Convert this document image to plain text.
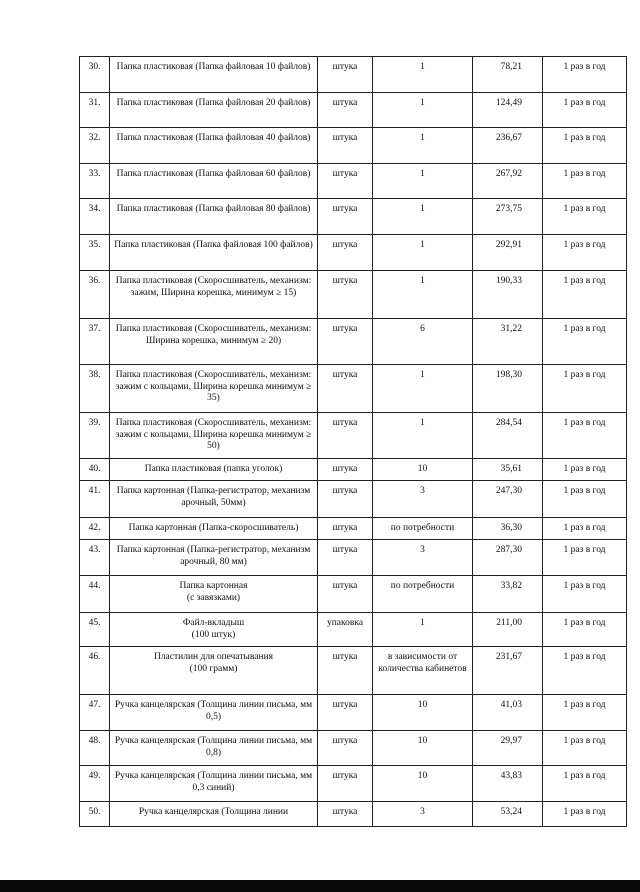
30.	Папка пластиковая (Папка файловая 10 файлов)	штука	1	78,21	1 раз в год
31.	Папка пластиковая (Папка файловая 20 файлов)	штука	1	124,49	1 раз в год
32.	Папка пластиковая (Папка файловая 40 файлов)	штука	1	236,67	1 раз в год
33.	Папка пластиковая (Папка файловая 60 файлов)	штука	1	267,92	1 раз в год
34.	Папка пластиковая (Папка файловая 80 файлов)	штука	1	273,75	1 раз в год
35.	Папка пластиковая (Папка файловая 100 файлов)	штука	1	292,91	1 раз в год
36.	Папка пластиковая (Скоросшиватель, механизм: зажим, Ширина корешка, минимум ≥ 15)	штука	1	190,33	1 раз в год
37.	Папка пластиковая (Скоросшиватель, механизм: Ширина корешка, минимум ≥ 20)	штука	6	31,22	1 раз в год
38.	Папка пластиковая (Скоросшиватель, механизм: зажим с кольцами, Ширина корешка минимум ≥ 35)	штука	1	198,30	1 раз в год
39.	Папка пластиковая (Скоросшиватель, механизм: зажим с кольцами, Ширина корешка минимум ≥ 50)	штука	1	284,54	1 раз в год
40.	Папка пластиковая (папка уголок)	штука	10	35,61	1 раз в год
41.	Папка картонная (Папка-регистратор, механизм арочный, 50мм)	штука	3	247,30	1 раз в год
42.	Папка картонная (Папка-скоросшиватель)	штука	по потребности	36,30	1 раз в год
43.	Папка картонная (Папка-регистратор, механизм арочный, 80 мм)	штука	3	287,30	1 раз в год
44.	Папка картонная
(с завязками)	штука	по потребности	33,82	1 раз в год
45.	Файл-вкладыш
(100 штук)	упаковка	1	211,00	1 раз в год
46.	Пластилин для опечатывания
(100 грамм)	штука	в зависимости от количества кабинетов	231,67	1 раз в год
47.	Ручка канцелярская (Толщина линии письма, мм 0,5)	штука	10	41,03	1 раз в год
48.	Ручка канцелярская (Толщина линии письма, мм 0,8)	штука	10	29,97	1 раз в год
49.	Ручка канцелярская (Толщина линии письма, мм 0,3 синий)	штука	10	43,83	1 раз в год
50.	Ручка канцелярская (Толщина линии	штука	3	53,24	1 раз в год
